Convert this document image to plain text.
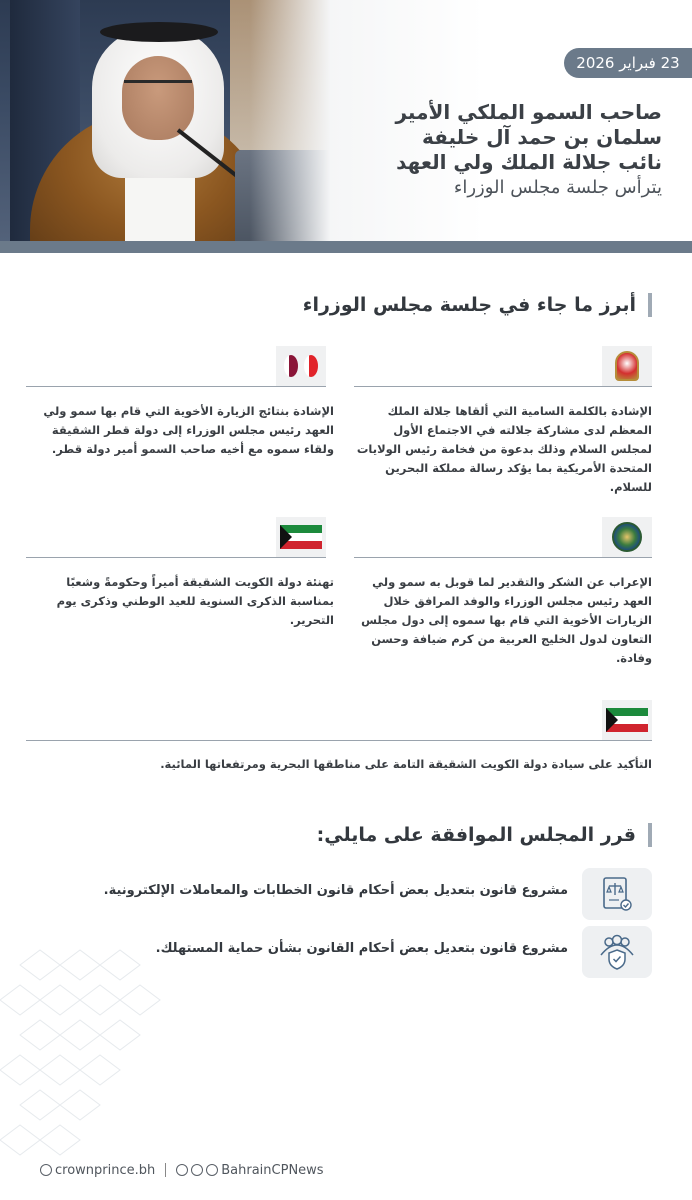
23 فبراير 2026
صاحب السمو الملكي الأمير
سلمان بن حمد آل خليفة
نائب جلالة الملك ولي العهد
يترأس جلسة مجلس الوزراء
أبرز ما جاء في جلسة مجلس الوزراء
الإشادة بالكلمة السامية التي ألقاها جلالة الملك المعظم لدى مشاركة جلالته في الاجتماع الأول لمجلس السلام وذلك بدعوة من فخامة رئيس الولايات المتحدة الأمريكية بما يؤكد رسالة مملكة البحرين للسلام.
الإشادة بنتائج الزيارة الأخوية التي قام بها سمو ولي العهد رئيس مجلس الوزراء إلى دولة قطر الشقيقة ولقاء سموه مع أخيه صاحب السمو أمير دولة قطر.
الإعراب عن الشكر والتقدير لما قوبل به سمو ولي العهد رئيس مجلس الوزراء والوفد المرافق خلال الزيارات الأخوية التي قام بها سموه إلى دول مجلس التعاون لدول الخليج العربية من كرم ضيافة وحسن وفادة.
تهنئة دولة الكويت الشقيقة أميراً وحكومةً وشعبًا بمناسبة الذكرى السنوية للعيد الوطني وذكرى يوم التحرير.
التأكيد على سيادة دولة الكويت الشقيقة التامة على مناطقها البحرية ومرتفعاتها المائية.
قرر المجلس الموافقة على مايلي:
مشروع قانون بتعديل بعض أحكام قانون الخطابات والمعاملات الإلكترونية.
مشروع قانون بتعديل بعض أحكام القانون بشأن حماية المستهلك.
crownprince.bh	BahrainCPNews
